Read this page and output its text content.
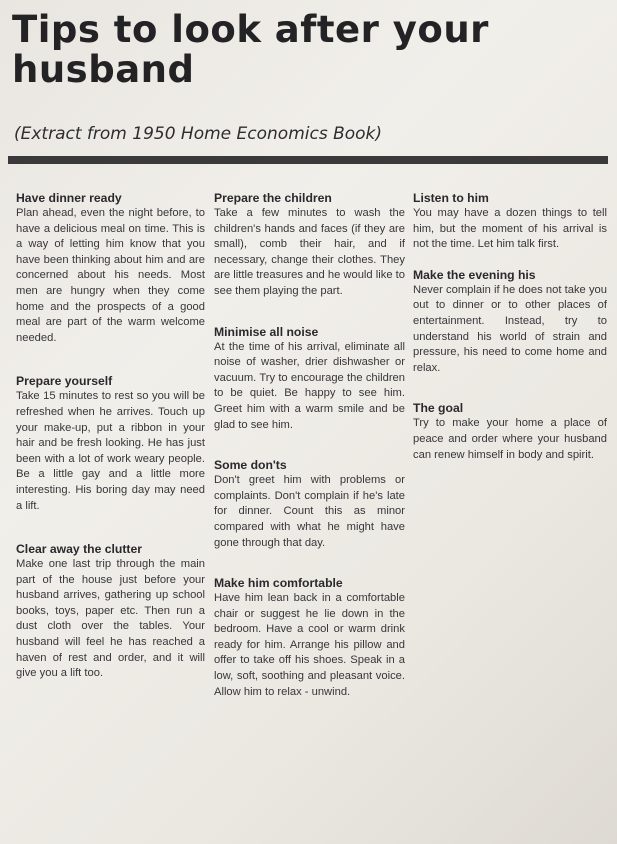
Tips to look after your husband
(Extract from 1950 Home Economics Book)
Have dinner ready

Plan ahead, even the night before, to have a delicious meal on time. This is a way of letting him know that you have been thinking about him and are concerned about his needs. Most men are hungry when they come home and the prospects of a good meal are part of the warm welcome needed.

Prepare yourself

Take 15 minutes to rest so you will be refreshed when he arrives. Touch up your make-up, put a ribbon in your hair and be fresh looking. He has just been with a lot of work weary people. Be a little gay and a little more interesting. His boring day may need a lift.

Clear away the clutter

Make one last trip through the main part of the house just before your husband arrives, gathering up school books, toys, paper etc. Then run a dust cloth over the tables. Your husband will feel he has reached a haven of rest and order, and it will give you a lift too.

Prepare the children

Take a few minutes to wash the children's hands and faces (if they are small), comb their hair, and if necessary, change their clothes. They are little treasures and he would like to see them playing the part.

Minimise all noise

At the time of his arrival, eliminate all noise of washer, drier dishwasher or vacuum. Try to encourage the children to be quiet. Be happy to see him. Greet him with a warm smile and be glad to see him.

Some don'ts

Don't greet him with problems or complaints. Don't complain if he's late for dinner. Count this as minor compared with what he might have gone through that day.

Make him comfortable

Have him lean back in a comfortable chair or suggest he lie down in the bedroom. Have a cool or warm drink ready for him. Arrange his pillow and offer to take off his shoes. Speak in a low, soft, soothing and pleasant voice. Allow him to relax - unwind.

Listen to him

You may have a dozen things to tell him, but the moment of his arrival is not the time. Let him talk first.

Make the evening his

Never complain if he does not take you out to dinner or to other places of entertainment. Instead, try to understand his world of strain and pressure, his need to come home and relax.

The goal

Try to make your home a place of peace and order where your husband can renew himself in body and spirit.
